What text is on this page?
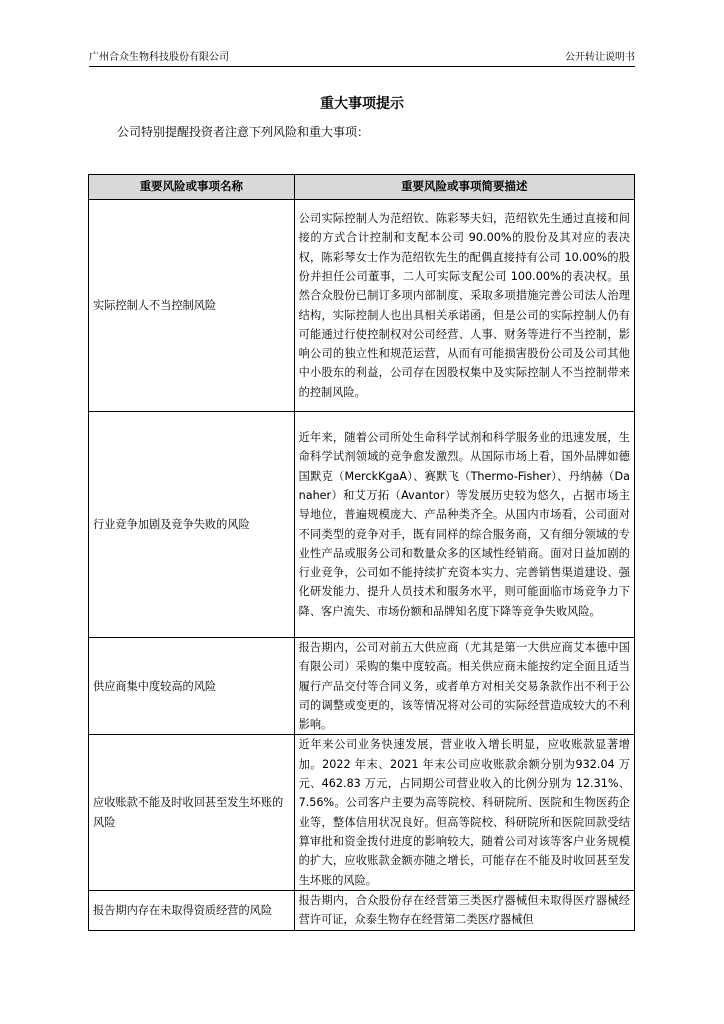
广州合众生物科技股份有限公司	公开转让说明书
重大事项提示
公司特别提醒投资者注意下列风险和重大事项：
重要风险或事项名称	重要风险或事项简要描述
实际控制人不当控制风险	公司实际控制人为范绍钦、陈彩琴夫妇，范绍钦先生通过直接和间接的方式合计控制和支配本公司 90.00%的股份及其对应的表决权，陈彩琴女士作为范绍钦先生的配偶直接持有公司 10.00%的股份并担任公司董事，二人可实际支配公司 100.00%的表决权。虽然合众股份已制订多项内部制度、采取多项措施完善公司法人治理结构，实际控制人也出具相关承诺函，但是公司的实际控制人仍有可能通过行使控制权对公司经营、人事、财务等进行不当控制，影响公司的独立性和规范运营，从而有可能损害股份公司及公司其他中小股东的利益，公司存在因股权集中及实际控制人不当控制带来的控制风险。
行业竞争加剧及竞争失败的风险	近年来，随着公司所处生命科学试剂和科学服务业的迅速发展，生命科学试剂领域的竞争愈发激烈。从国际市场上看，国外品牌如德国默克（MerckKgaA）、赛默飞（Thermo-Fisher）、丹纳赫（Danaher）和艾万拓（Avantor）等发展历史较为悠久，占据市场主导地位，普遍规模庞大、产品种类齐全。从国内市场看，公司面对不同类型的竞争对手，既有同样的综合服务商，又有细分领域的专业性产品或服务公司和数量众多的区域性经销商。面对日益加剧的行业竞争，公司如不能持续扩充资本实力、完善销售渠道建设、强化研发能力、提升人员技术和服务水平，则可能面临市场竞争力下降、客户流失、市场份额和品牌知名度下降等竞争失败风险。
供应商集中度较高的风险	报告期内，公司对前五大供应商（尤其是第一大供应商艾本德中国有限公司）采购的集中度较高。相关供应商未能按约定全面且适当履行产品交付等合同义务，或者单方对相关交易条款作出不利于公司的调整或变更的，该等情况将对公司的实际经营造成较大的不利影响。
应收账款不能及时收回甚至发生坏账的风险	近年来公司业务快速发展，营业收入增长明显，应收账款显著增加。2022 年末、2021 年末公司应收账款余额分别为932.04 万元、462.83 万元，占同期公司营业收入的比例分别为 12.31%、7.56%。公司客户主要为高等院校、科研院所、医院和生物医药企业等，整体信用状况良好。但高等院校、科研院所和医院回款受结算审批和资金拨付进度的影响较大，随着公司对该等客户业务规模的扩大，应收账款金额亦随之增长，可能存在不能及时收回甚至发生坏账的风险。
报告期内存在未取得资质经营的风险	报告期内，合众股份存在经营第三类医疗器械但未取得医疗器械经营许可证，众泰生物存在经营第二类医疗器械但
